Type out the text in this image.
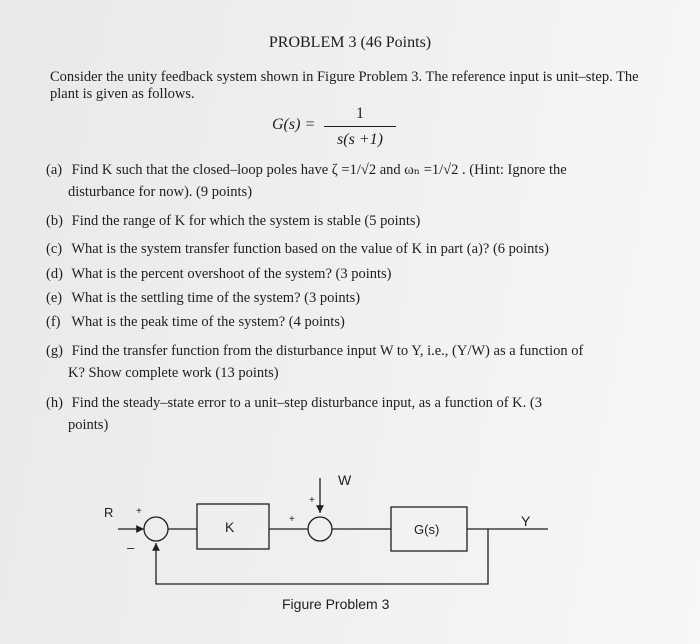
PROBLEM 3 (46 Points)
Consider the unity feedback system shown in Figure Problem 3. The reference input is unit–step. The plant is given as follows.
G(s) =
1
s(s +1)
(a) Find K such that the closed–loop poles have ζ =1/√2 and ωₙ =1/√2 . (Hint: Ignore the
disturbance for now). (9 points)
(b) Find the range of K for which the system is stable (5 points)
(c) What is the system transfer function based on the value of K in part (a)? (6 points)
(d) What is the percent overshoot of the system? (3 points)
(e) What is the settling time of the system? (3 points)
(f) What is the peak time of the system? (4 points)
(g) Find the transfer function from the disturbance input W to Y, i.e., (Y/W) as a function of
K? Show complete work (13 points)
(h) Find the steady–state error to a unit–step disturbance input, as a function of K. (3
points)
R +
–
K	+
+
W
G(s)
Y
Figure Problem 3
